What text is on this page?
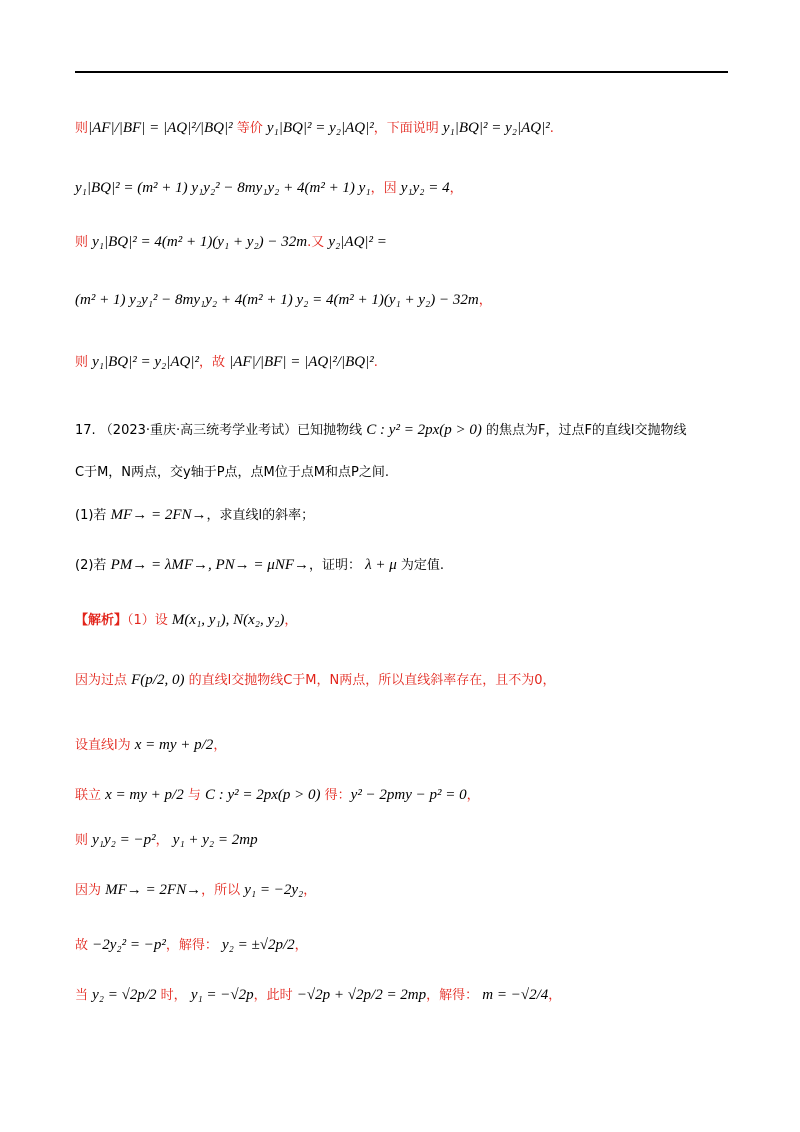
则|AF|/|BF| = |AQ|²/|BQ|² 等价 y₁|BQ|² = y₂|AQ|²，下面说明 y₁|BQ|² = y₂|AQ|².
y₁|BQ|² = (m² + 1) y₁y₂² − 8my₁y₂ + 4(m² + 1) y₁，因 y₁y₂ = 4，
则 y₁|BQ|² = 4(m² + 1)(y₁ + y₂) − 32m.又 y₂|AQ|² =
(m² + 1) y₂y₁² − 8my₁y₂ + 4(m² + 1) y₂ = 4(m² + 1)(y₁ + y₂) − 32m，
则 y₁|BQ|² = y₂|AQ|²，故 |AF|/|BF| = |AQ|²/|BQ|².
17. （2023·重庆·高三统考学业考试）已知抛物线 C : y² = 2px(p > 0) 的焦点为F，过点F的直线l交抛物线
C于M，N两点，交y轴于P点，点M位于点M和点P之间.
(1)若 MF→ = 2FN→，求直线l的斜率；
(2)若 PM→ = λMF→, PN→ = μNF→，证明： λ + μ 为定值.
【解析】（1）设 M(x₁, y₁), N(x₂, y₂)，
因为过点 F(p/2, 0) 的直线l交抛物线C于M，N两点，所以直线斜率存在，且不为0，
设直线l为 x = my + p/2，
联立 x = my + p/2 与 C : y² = 2px(p > 0) 得：y² − 2pmy − p² = 0，
则 y₁y₂ = −p²， y₁ + y₂ = 2mp
因为 MF→ = 2FN→，所以 y₁ = −2y₂，
故 −2y₂² = −p²，解得： y₂ = ±√2p/2，
当 y₂ = √2p/2 时， y₁ = −√2p，此时 −√2p + √2p/2 = 2mp，解得： m = −√2/4，
